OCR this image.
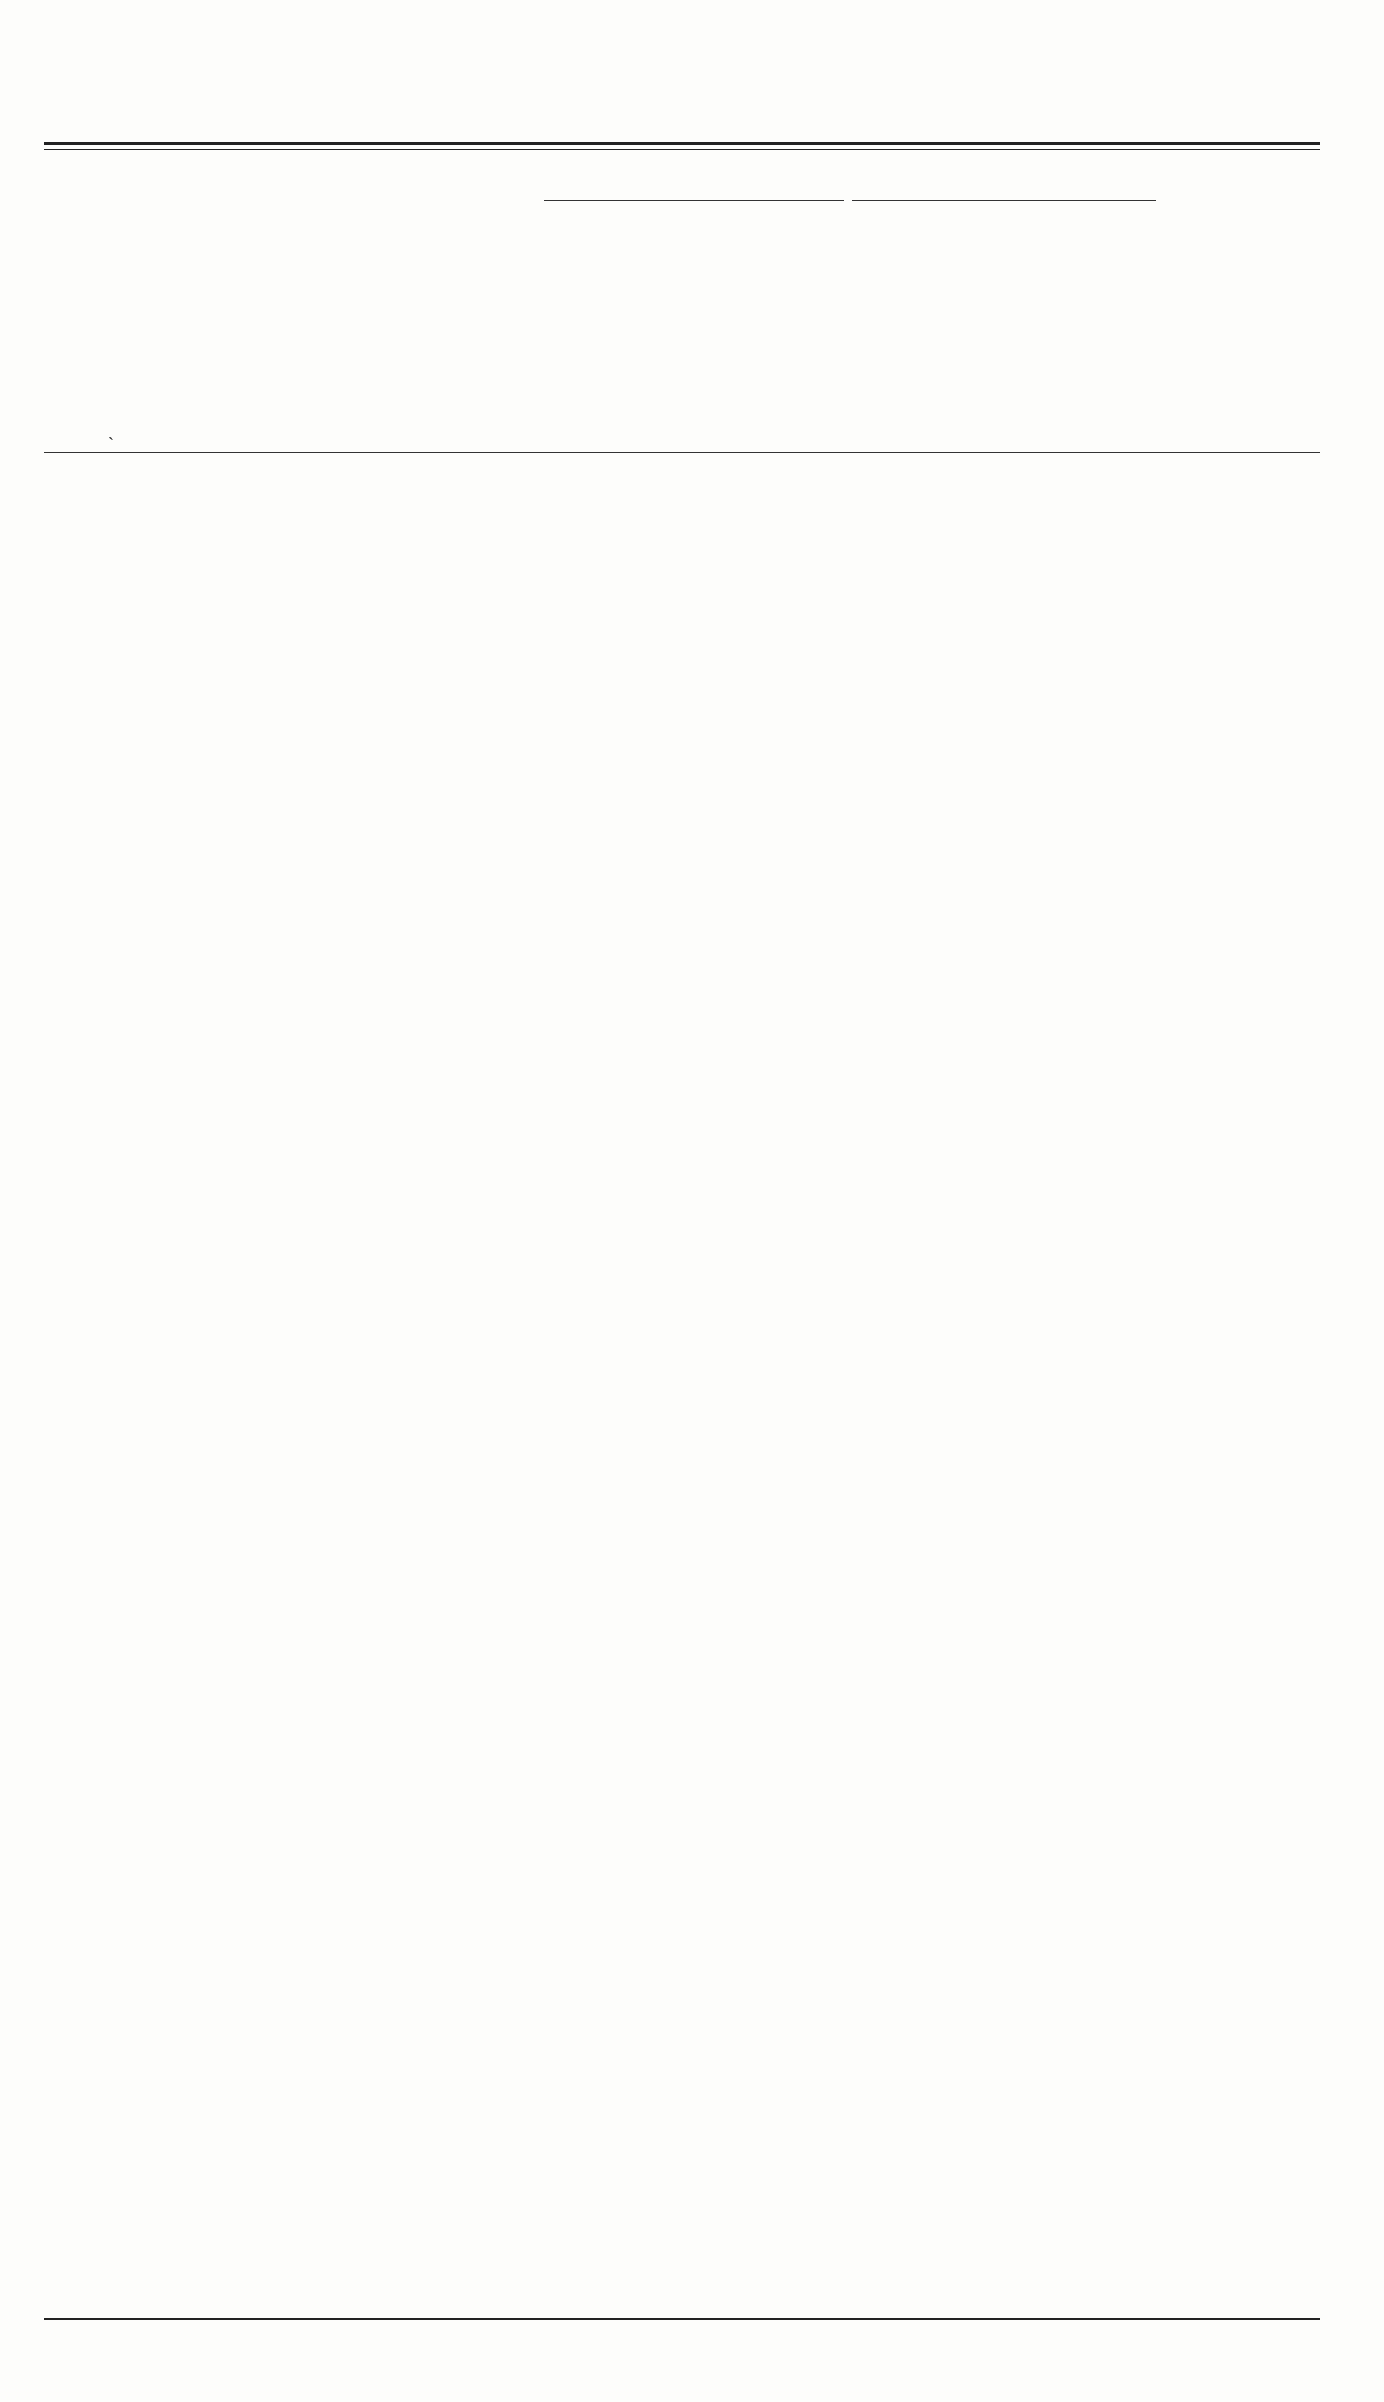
ˏ
